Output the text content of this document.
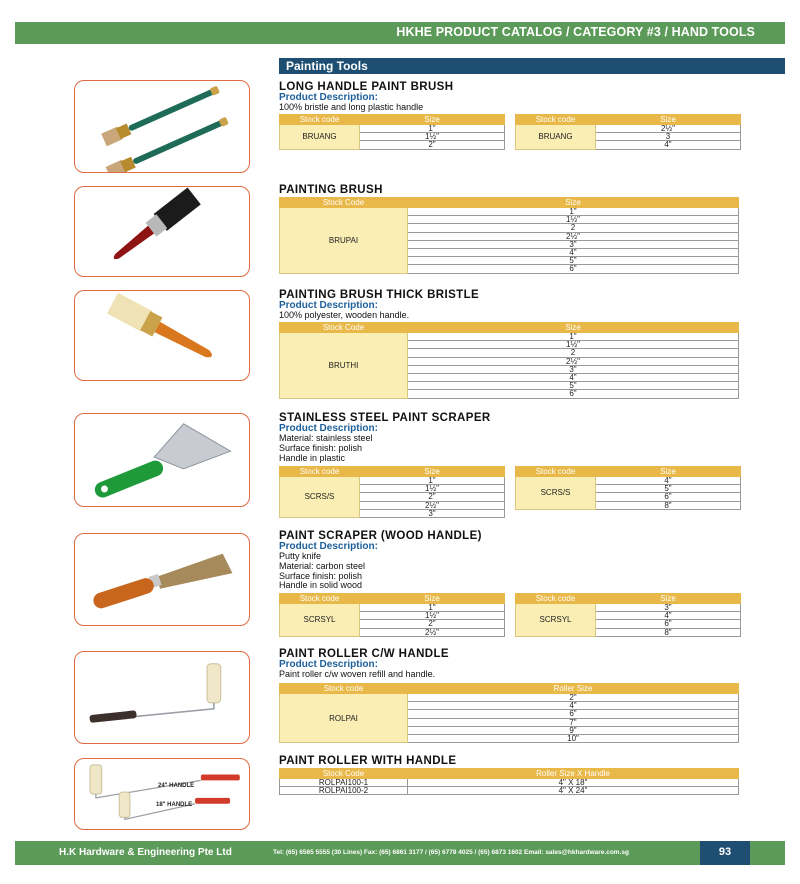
HKHE PRODUCT CATALOG / CATEGORY #3 / HAND TOOLS
Painting Tools
24" HANDLE
18" HANDLE
LONG HANDLE PAINT BRUSH
Product Description:
100% bristle and long plastic handle
Stock code	Size
BRUANG	1"
	1½"
	2"
Stock code	Size
BRUANG	2½"
	3
	4"
PAINTING BRUSH
Stock Code	Size
BRUPAI	1"
	1½"
	2
	2½"
	3"
	4"
	5"
	6"
PAINTING BRUSH THICK BRISTLE
Product Description:
100% polyester, wooden handle.
Stock Code	Size
BRUTHI	1"
	1½"
	2
	2½"
	3"
	4"
	5"
	6"
STAINLESS STEEL PAINT SCRAPER
Product Description:
Material: stainless steel
Surface finish: polish
Handle in plastic
Stock code	Size
SCRS/S	1"
	1½"
	2"
	2½"
	3"
Stock code	Size
SCRS/S	4"
	5"
	6"
	8"
PAINT SCRAPER (WOOD HANDLE)
Product Description:
Putty knife
Material: carbon steel
Surface finish: polish
Handle in solid wood
Stock code	Size
SCRSYL	1"
	1½"
	2"
	2½"
Stock code	Size
SCRSYL	3"
	4"
	6"
	8"
PAINT ROLLER C/W HANDLE
Product Description:
Paint roller c/w woven refill and handle.
Stock code	Roller Size
ROLPAI	2"
	4"
	6"
	7"
	9"
	10"
PAINT ROLLER WITH HANDLE
Stock Code	Roller Size X Handle
ROLPAI100-1	4" X 18"
ROLPAI100-2	4" X 24"
H.K Hardware & Engineering Pte Ltd	Tel: (65) 6565 5555 (30 Lines) Fax: (65) 6861 3177 / (65) 6778 4025 / (65) 6873 1602 Email: sales@hkhardware.com.sg	93
